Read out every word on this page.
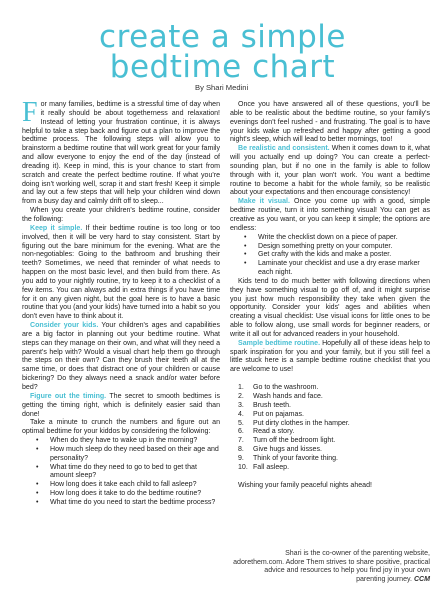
create a simple
bedtime chart
By Shari Medini

For many families, bedtime is a stressful time of day when it really should be about togetherness and relaxation! Instead of letting your frustration continue, it is always helpful to take a step back and figure out a plan to improve the bedtime process. The following steps will allow you to brainstorm a bedtime routine that will work great for your family and allow everyone to enjoy the end of the day (instead of dreading it). Keep in mind, this is your chance to start from scratch and create the perfect bedtime routine. If what you're doing isn't working well, scrap it and start fresh! Keep it simple and lay out a few steps that will help your children wind down from a busy day and calmly drift off to sleep...

When you create your children's bedtime routine, consider the following:

Keep it simple. If their bedtime routine is too long or too involved, then it will be very hard to stay consistent. Start by figuring out the bare minimum for the evening. What are the non-negotiables: Going to the bathroom and brushing their teeth? Sometimes, we need that reminder of what needs to happen on the most basic level, and then build from there. As you add to your nightly routine, try to keep it to a checklist of a few items. You can always add in extra things if you have time for it on any given night, but the goal here is to have a basic routine that you (and your kids) have turned into a habit so you don't even have to think about it.

Consider your kids. Your children's ages and capabilities are a big factor in planning out your bedtime routine. What steps can they manage on their own, and what will they need a parent's help with? Would a visual chart help them go through the steps on their own? Can they brush their teeth all at the same time, or does that distract one of your children or cause bickering? Do they always need a snack and/or water before bed?

Figure out the timing. The secret to smooth bedtimes is getting the timing right, which is definitely easier said than done!

Take a minute to crunch the numbers and figure out an optimal bedtime for your kiddos by considering the following:

• When do they have to wake up in the morning?
• How much sleep do they need based on their age and personality?
• What time do they need to go to bed to get that amount sleep?
• How long does it take each child to fall asleep?
• How long does it take to do the bedtime routine?
• What time do you need to start the bedtime process?

Once you have answered all of these questions, you'll be able to be realistic about the bedtime routine, so your family's evenings don't feel rushed - and frustrating. The goal is to have your kids wake up refreshed and happy after getting a good night's sleep, which will lead to better mornings, too!

Be realistic and consistent. When it comes down to it, what will you actually end up doing? You can create a perfect-sounding plan, but if no one in the family is able to follow through with it, your plan won't work. You want a bedtime routine to become a habit for the whole family, so be realistic about your expectations and then encourage consistency!

Make it visual. Once you come up with a good, simple bedtime routine, turn it into something visual! You can get as creative as you want, or you can keep it simple; the options are endless:

• Write the checklist down on a piece of paper.
• Design something pretty on your computer.
• Get crafty with the kids and make a poster.
• Laminate your checklist and use a dry erase marker each night.

Kids tend to do much better with following directions when they have something visual to go off of, and it might surprise you just how much responsibility they take when given the opportunity. Consider your kids' ages and abilities when creating a visual checklist: Use visual icons for little ones to be able to follow along, use small words for beginner readers, or write it all out for advanced readers in your household.

Sample bedtime routine. Hopefully all of these ideas help to spark inspiration for you and your family, but if you still feel a little stuck here is a sample bedtime routine checklist that you are welcome to use!

1.	Go to the washroom.
2.	Wash hands and face.
3.	Brush teeth.
4.	Put on pajamas.
5.	Put dirty clothes in the hamper.
6.	Read a story.
7.	Turn off the bedroom light.
8.	Give hugs and kisses.
9.	Think of your favorite thing.
10. Fall asleep.

Wishing your family peaceful nights ahead!

Shari is the co-owner of the parenting website,
adorethem.com. Adore Them strives to share positive, practical
advice and resources to help you find joy in your own
parenting journey. CCM
